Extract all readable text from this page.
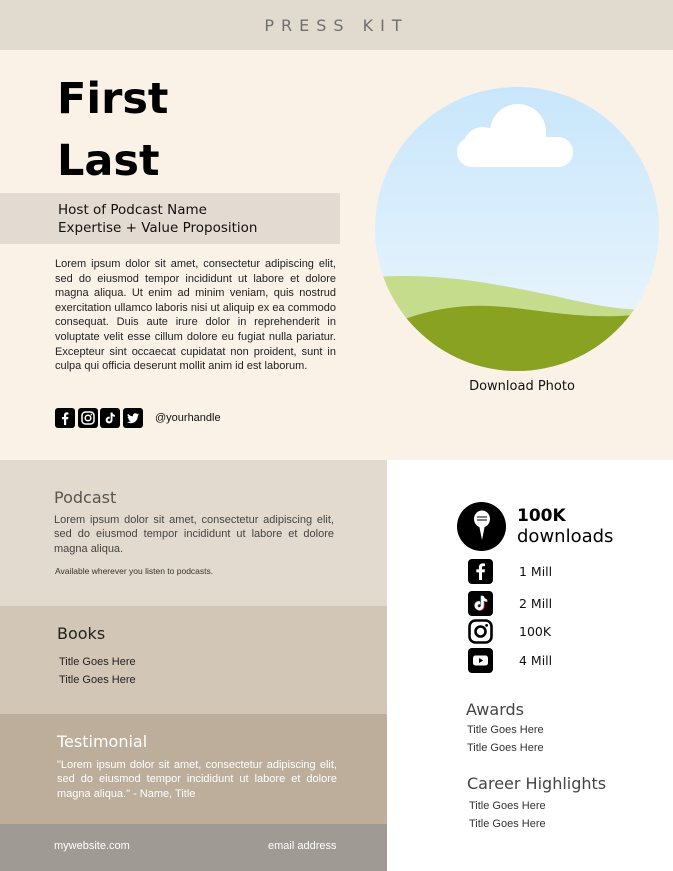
PRESS KIT
First
Last
Host of Podcast Name
Expertise + Value Proposition

Lorem ipsum dolor sit amet, consectetur adipiscing elit, sed do eiusmod tempor incididunt ut labore et dolore magna aliqua. Ut enim ad minim veniam, quis nostrud exercitation ullamco laboris nisi ut aliquip ex ea commodo consequat. Duis aute irure dolor in reprehenderit in voluptate velit esse cillum dolore eu fugiat nulla pariatur. Excepteur sint occaecat cupidatat non proident, sunt in culpa qui officia deserunt mollit anim id est laborum.

@yourhandle
Download Photo
Podcast

Lorem ipsum dolor sit amet, consectetur adipiscing elit, sed do eiusmod tempor incididunt ut labore et dolore magna aliqua.

Available wherever you listen to podcasts.
Books
Title Goes Here
Title Goes Here
Testimonial

"Lorem ipsum dolor sit amet, consectetur adipiscing elit, sed do eiusmod tempor incididunt ut labore et dolore magna aliqua." - Name, Title

mywebsite.com	email address
100K
downloads
1 Mill
2 Mill
100K
4 Mill
Awards
Title Goes Here
Title Goes Here
Career Highlights
Title Goes Here
Title Goes Here
